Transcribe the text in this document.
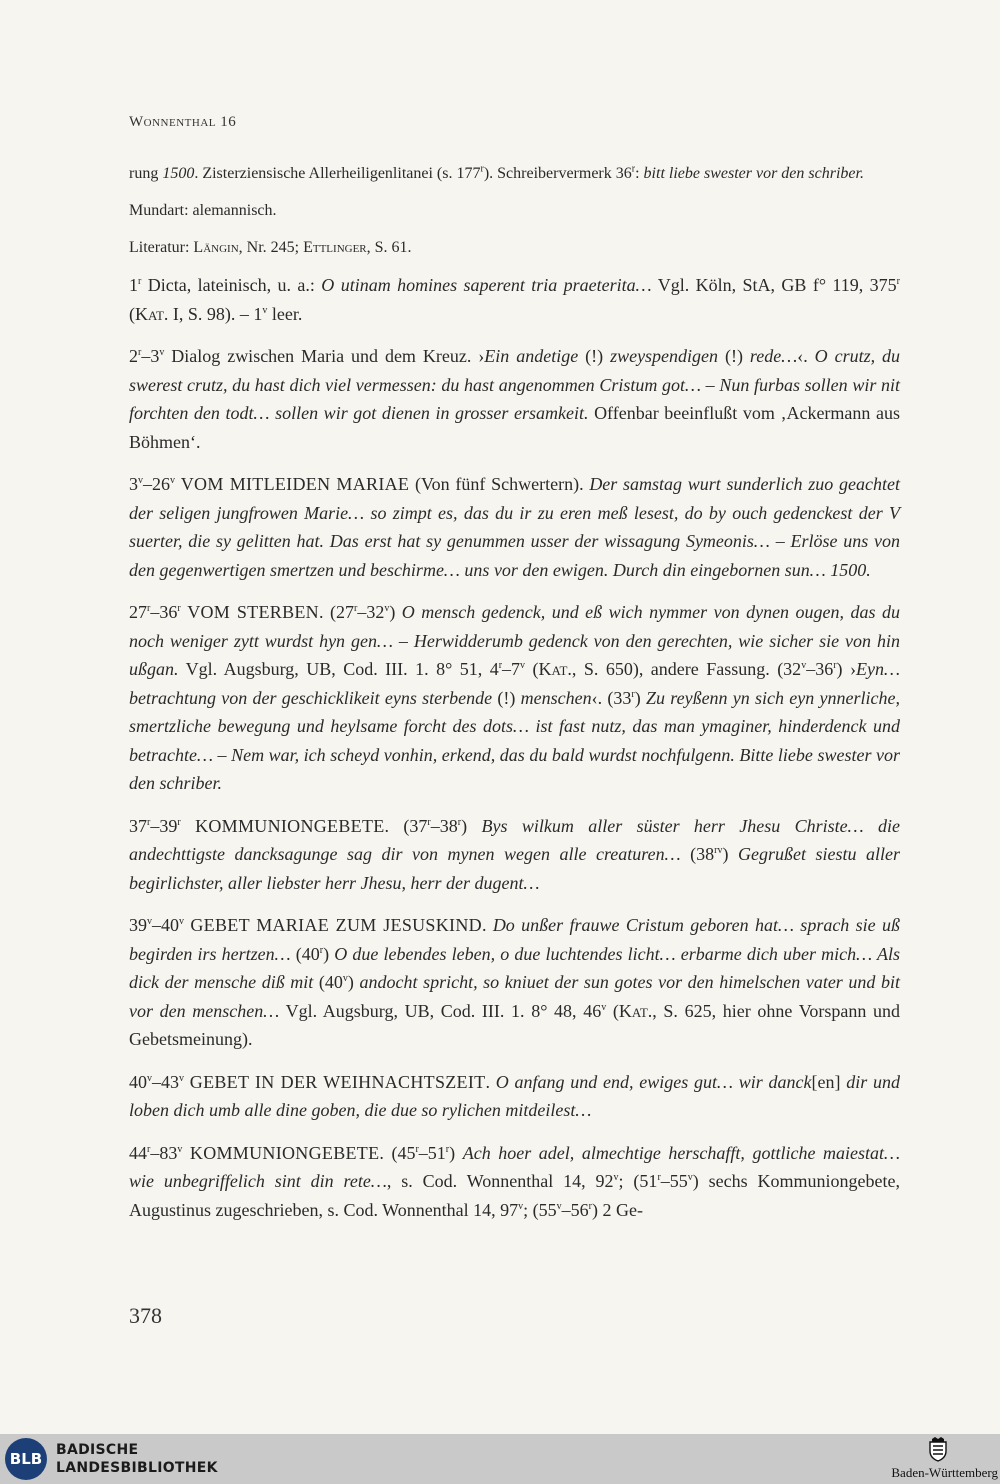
Wonnenthal 16

rung 1500. Zisterziensische Allerheiligenlitanei (s. 177$^r$). Schreibervermerk 36$^r$: bitt liebe swester vor den schriber.

Mundart: alemannisch.

Literatur: Längin, Nr. 245; Ettlinger, S. 61.

1$^r$ Dicta, lateinisch, u. a.: O utinam homines saperent tria praeterita… Vgl. Köln, StA, GB f° 119, 375$^r$ (Kat. I, S. 98). – 1$^v$ leer.

2$^r$–3$^v$ Dialog zwischen Maria und dem Kreuz. ›Ein andetige (!) zweyspendigen (!) rede…‹. O crutz, du swerest crutz, du hast dich viel vermessen: du hast angenommen Cristum got… – Nun furbas sollen wir nit forchten den todt… sollen wir got dienen in grosser ersamkeit. Offenbar beeinflußt vom ‚Ackermann aus Böhmen‘.

3$^v$–26$^v$ VOM MITLEIDEN MARIAE (Von fünf Schwertern). Der samstag wurt sunderlich zuo geachtet der seligen jungfrowen Marie… so zimpt es, das du ir zu eren meß lesest, do by ouch gedenckest der V suerter, die sy gelitten hat. Das erst hat sy genummen usser der wissagung Symeonis… – Erlöse uns von den gegenwertigen smertzen und beschirme… uns vor den ewigen. Durch din eingebornen sun… 1500.

27$^r$–36$^r$ VOM STERBEN. (27$^r$–32$^v$) O mensch gedenck, und eß wich nymmer von dynen ougen, das du noch weniger zytt wurdst hyn gen… – Herwidderumb gedenck von den gerechten, wie sicher sie von hin ußgan. Vgl. Augsburg, UB, Cod. III. 1. 8° 51, 4$^r$–7$^v$ (Kat., S. 650), andere Fassung. (32$^v$–36$^r$) ›Eyn… betrachtung von der geschicklikeit eyns sterbende (!) menschen‹. (33$^r$) Zu reyßenn yn sich eyn ynnerliche, smertzliche bewegung und heylsame forcht des dots… ist fast nutz, das man ymaginer, hinderdenck und betrachte… – Nem war, ich scheyd vonhin, erkend, das du bald wurdst nochfulgenn. Bitte liebe swester vor den schriber.

37$^r$–39$^r$ KOMMUNIONGEBETE. (37$^r$–38$^r$) Bys wilkum aller süster herr Jhesu Christe… die andechttigste dancksagunge sag dir von mynen wegen alle creaturen… $(38^{rv})$ Gegrußet siestu aller begirlichster, aller liebster herr Jhesu, herr der dugent…

39$^v$–40$^v$ GEBET MARIAE ZUM JESUSKIND. Do unßer frauwe Cristum geboren hat… sprach sie uß begirden irs hertzen… (40$^r$) O due lebendes leben, o due luchtendes licht… erbarme dich uber mich… Als dick der mensche diß mit (40$^v$) andocht spricht, so kniuet der sun gotes vor den himelschen vater und bit vor den menschen… Vgl. Augsburg, UB, Cod. III. 1. 8° 48, 46$^v$ (Kat., S. 625, hier ohne Vorspann und Gebetsmeinung).

40$^v$–43$^v$ GEBET IN DER WEIHNACHTSZEIT. O anfang und end, ewiges gut… wir danck[en] dir und loben dich umb alle dine goben, die due so rylichen mitdeilest…

44$^r$–83$^v$ KOMMUNIONGEBETE. (45$^r$–51$^r$) Ach hoer adel, almechtige herschafft, gottliche maiestat… wie unbegriffelich sint din rete…, s. Cod. Wonnenthal 14, 92$^v$; (51$^r$–55$^v$) sechs Kommuniongebete, Augustinus zugeschrieben, s. Cod. Wonnenthal 14, 97$^v$; (55$^v$–56$^r$) 2 Ge-

378
BLB BADISCHE
LANDESBIBLIOTHEK	Baden-Württemberg
